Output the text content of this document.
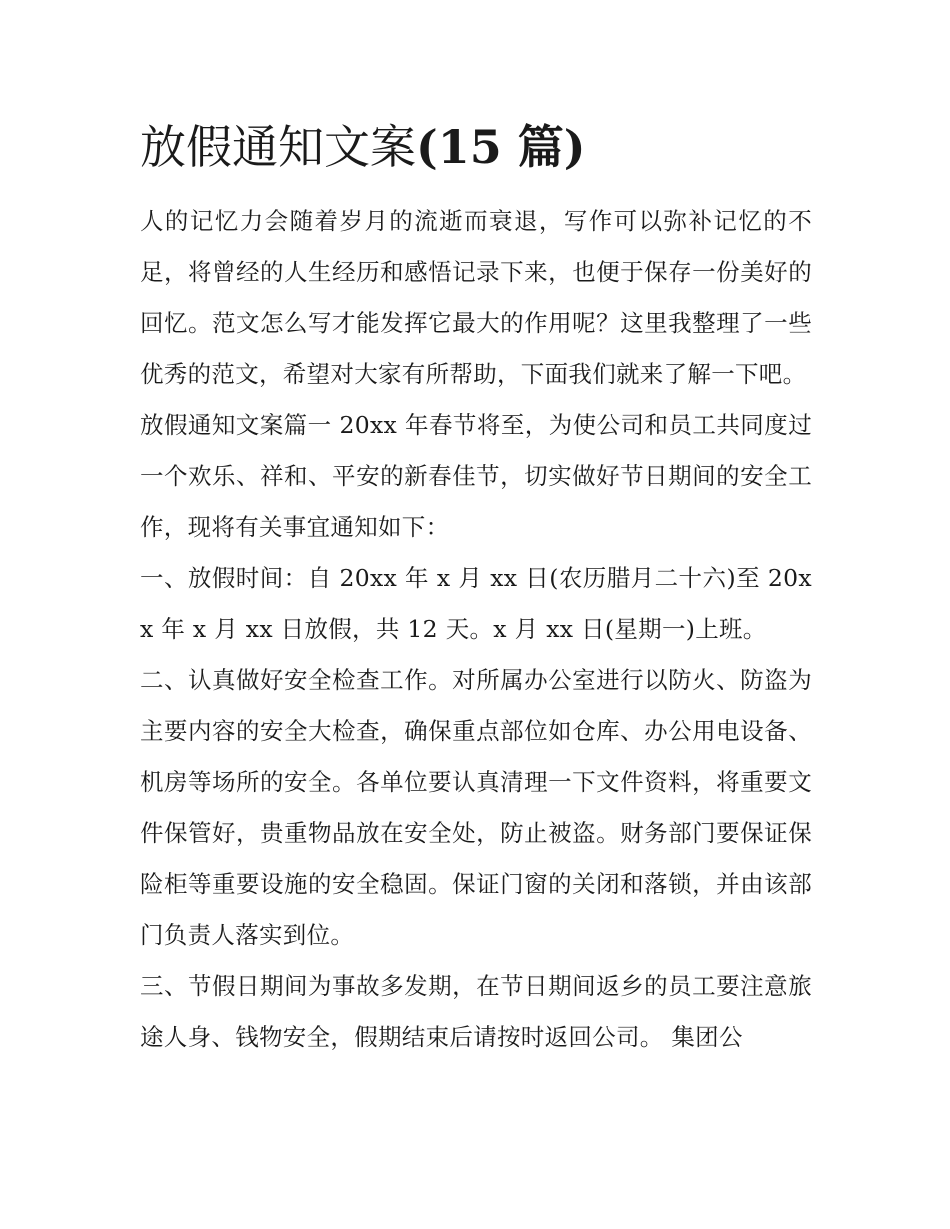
放假通知文案(15 篇)

人的记忆力会随着岁月的流逝而衰退，写作可以弥补记忆的不足，将曾经的人生经历和感悟记录下来，也便于保存一份美好的回忆。范文怎么写才能发挥它最大的作用呢？这里我整理了一些优秀的范文，希望对大家有所帮助，下面我们就来了解一下吧。

放假通知文案篇一 20xx 年春节将至，为使公司和员工共同度过一个欢乐、祥和、平安的新春佳节，切实做好节日期间的安全工作，现将有关事宜通知如下：

一、放假时间：自 20xx 年 x 月 xx 日(农历腊月二十六)至 20xx 年 x 月 xx 日放假，共 12 天。x 月 xx 日(星期一)上班。

二、认真做好安全检查工作。对所属办公室进行以防火、防盗为主要内容的安全大检查，确保重点部位如仓库、办公用电设备、机房等场所的安全。各单位要认真清理一下文件资料，将重要文件保管好，贵重物品放在安全处，防止被盗。财务部门要保证保险柜等重要设施的安全稳固。保证门窗的关闭和落锁，并由该部门负责人落实到位。

三、节假日期间为事故多发期，在节日期间返乡的员工要注意旅途人身、钱物安全，假期结束后请按时返回公司。 集团公
